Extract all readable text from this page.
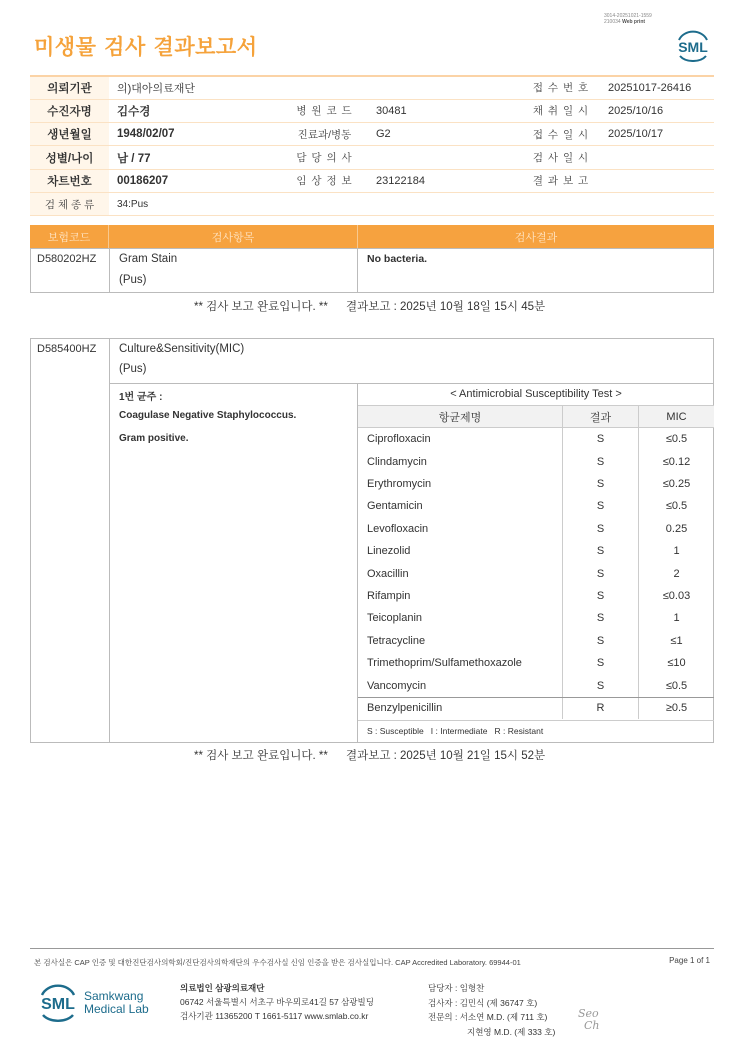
3014-20251021-1559
210034 Web print
미생물 검사 결과보고서	SML
의뢰기관	의)대아의료재단			접 수 번 호	20251017-26416
수진자명	김수경	병 원 코 드	30481	채 취 일 시	2025/10/16
생년월일	1948/02/07	진료과/병동	G2	접 수 일 시	2025/10/17
성별/나이	남 / 77	담 당 의 사		검 사 일 시	
차트번호	00186207	임 상 정 보	23122184	결 과 보 고	
검 체 종 류	34:Pus				
보험코드	검사항목	검사결과
D580202HZ Gram Stain
(Pus)
No bacteria.
** 검사 보고 완료입니다. ** 결과보고 : 2025년 10월 18일 15시 45분
D585400HZ Culture&Sensitivity(MIC)
(Pus)
1번 균주 :
Coagulase Negative Staphylococcus.
Gram positive.
< Antimicrobial Susceptibility Test >
항균제명	결과	MIC
Ciprofloxacin	S	≤0.5
Clindamycin	S	≤0.12
Erythromycin	S	≤0.25
Gentamicin	S	≤0.5
Levofloxacin	S	0.25
Linezolid	S	1
Oxacillin	S	2
Rifampin	S	≤0.03
Teicoplanin	S	1
Tetracycline	S	≤1
Trimethoprim/Sulfamethoxazole	S	≤10
Vancomycin	S	≤0.5
Benzylpenicillin	R	≥0.5
S : Susceptible   I : Intermediate   R : Resistant
** 검사 보고 완료입니다. ** 결과보고 : 2025년 10월 21일 15시 52분
본 검사실은 CAP 인증 및 대한진단검사의학회/진단검사의학재단의 우수검사실 신임 인증을 받은 검사실입니다. CAP Accredited Laboratory. 69944-01	Page 1 of 1
SML Samkwang
Medical Lab
의료법인 삼광의료재단
06742 서울특별시 서초구 바우뫼로41길 57 삼광빌딩
검사기관 11365200 T 1661-5117 www.smlab.co.kr
담당자 : 임형찬
검사자 : 김민식 (제 36747 호)
전문의 : 서소연 M.D. (제 711 호)
지현영 M.D. (제 333 호)
Seo
Ch
